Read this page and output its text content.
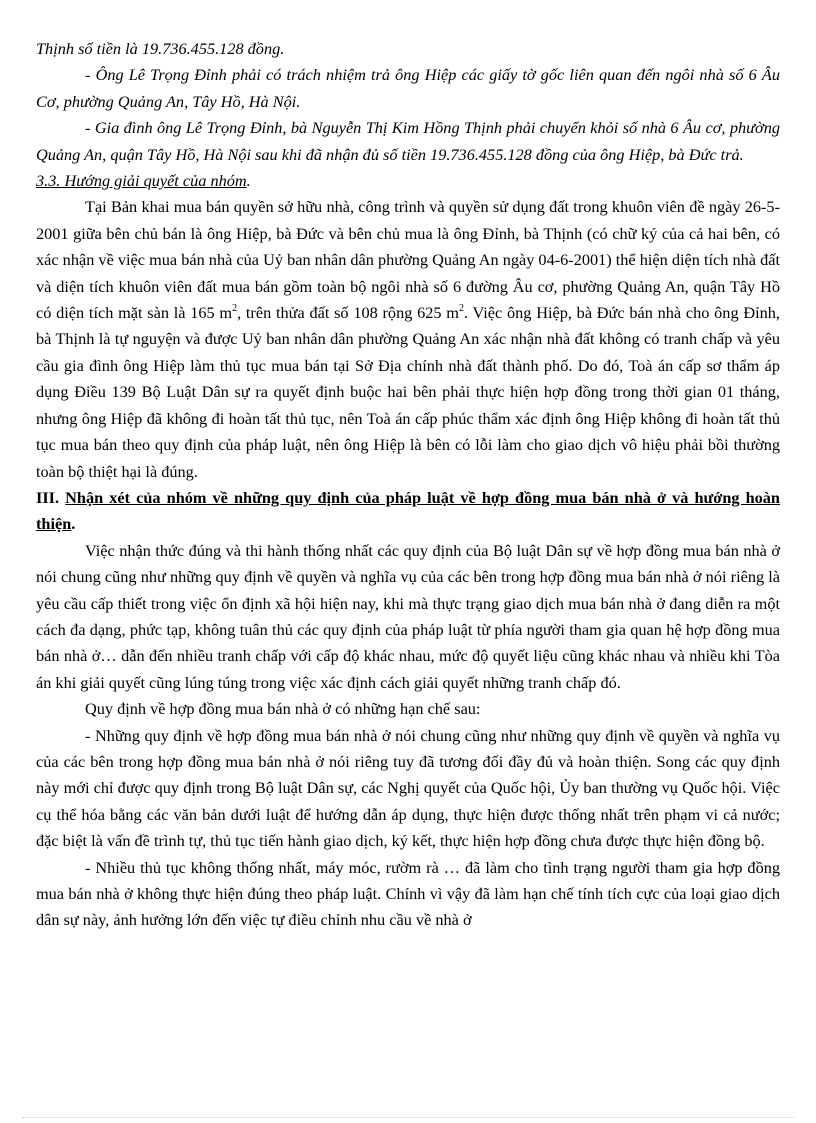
Thịnh số tiền là 19.736.455.128 đồng.

- Ông Lê Trọng Đỉnh phải có trách nhiệm trả ông Hiệp các giấy tờ gốc liên quan đến ngôi nhà số 6 Âu Cơ, phường Quảng An, Tây Hồ, Hà Nội.

- Gia đình ông Lê Trọng Đỉnh, bà Nguyễn Thị Kim Hồng Thịnh phải chuyển khỏi số nhà 6 Âu cơ, phường Quảng An, quận Tây Hồ, Hà Nội sau khi đã nhận đủ số tiền 19.736.455.128 đồng của ông Hiệp, bà Đức trả.

3.3. Hướng giải quyết của nhóm.

Tại Bản khai mua bán quyền sở hữu nhà, công trình và quyền sử dụng đất trong khuôn viên đề ngày 26-5-2001 giữa bên chủ bán là ông Hiệp, bà Đức và bên chủ mua là ông Đỉnh, bà Thịnh (có chữ ký của cả hai bên, có xác nhận về việc mua bán nhà của Uỷ ban nhân dân phường Quảng An ngày 04-6-2001) thể hiện diện tích nhà đất và diện tích khuôn viên đất mua bán gồm toàn bộ ngôi nhà số 6 đường Âu cơ, phường Quảng An, quận Tây Hồ có diện tích mặt sàn là 165 $m^2$, trên thửa đất số 108 rộng 625 $m^2$. Việc ông Hiệp, bà Đức bán nhà cho ông Đỉnh, bà Thịnh là tự nguyện và được Uỷ ban nhân dân phường Quảng An xác nhận nhà đất không có tranh chấp và yêu cầu gia đình ông Hiệp làm thủ tục mua bán tại Sở Địa chính nhà đất thành phố. Do đó, Toà án cấp sơ thẩm áp dụng Điều 139 Bộ Luật Dân sự ra quyết định buộc hai bên phải thực hiện hợp đồng trong thời gian 01 tháng, nhưng ông Hiệp đã không đi hoàn tất thủ tục, nên Toà án cấp phúc thẩm xác định ông Hiệp không đi hoàn tất thủ tục mua bán theo quy định của pháp luật, nên ông Hiệp là bên có lỗi làm cho giao dịch vô hiệu phải bồi thường toàn bộ thiệt hại là đúng.

III. Nhận xét của nhóm về những quy định của pháp luật về hợp đồng mua bán nhà ở và hướng hoàn thiện.

Việc nhận thức đúng và thi hành thống nhất các quy định của Bộ luật Dân sự về hợp đồng mua bán nhà ở nói chung cũng như những quy định về quyền và nghĩa vụ của các bên trong hợp đồng mua bán nhà ở nói riêng là yêu cầu cấp thiết trong việc ổn định xã hội hiện nay, khi mà thực trạng giao dịch mua bán nhà ở đang diễn ra một cách đa dạng, phức tạp, không tuân thủ các quy định của pháp luật từ phía người tham gia quan hệ hợp đồng mua bán nhà ở… dẫn đến nhiều tranh chấp với cấp độ khác nhau, mức độ quyết liệu cũng khác nhau và nhiều khi Tòa án khi giải quyết cũng lúng túng trong việc xác định cách giải quyết những tranh chấp đó.

Quy định về hợp đồng mua bán nhà ở có những hạn chế sau:

- Những quy định về hợp đồng mua bán nhà ở nói chung cũng như những quy định về quyền và nghĩa vụ của các bên trong hợp đồng mua bán nhà ở nói riêng tuy đã tương đối đầy đủ và hoàn thiện. Song các quy định này mới chỉ được quy định trong Bộ luật Dân sự, các Nghị quyết của Quốc hội, Ủy ban thường vụ Quốc hội. Việc cụ thể hóa bằng các văn bản dưới luật để hướng dẫn áp dụng, thực hiện được thống nhất trên phạm vi cả nước; đặc biệt là vấn đề trình tự, thủ tục tiến hành giao dịch, ký kết, thực hiện hợp đồng chưa được thực hiện đồng bộ.

- Nhiều thủ tục không thống nhất, máy móc, rườm rà … đã làm cho tình trạng người tham gia hợp đồng mua bán nhà ở không thực hiện đúng theo pháp luật. Chính vì vậy đã làm hạn chế tính tích cực của loại giao dịch dân sự này, ảnh hưởng lớn đến việc tự điều chỉnh nhu cầu về nhà ở
